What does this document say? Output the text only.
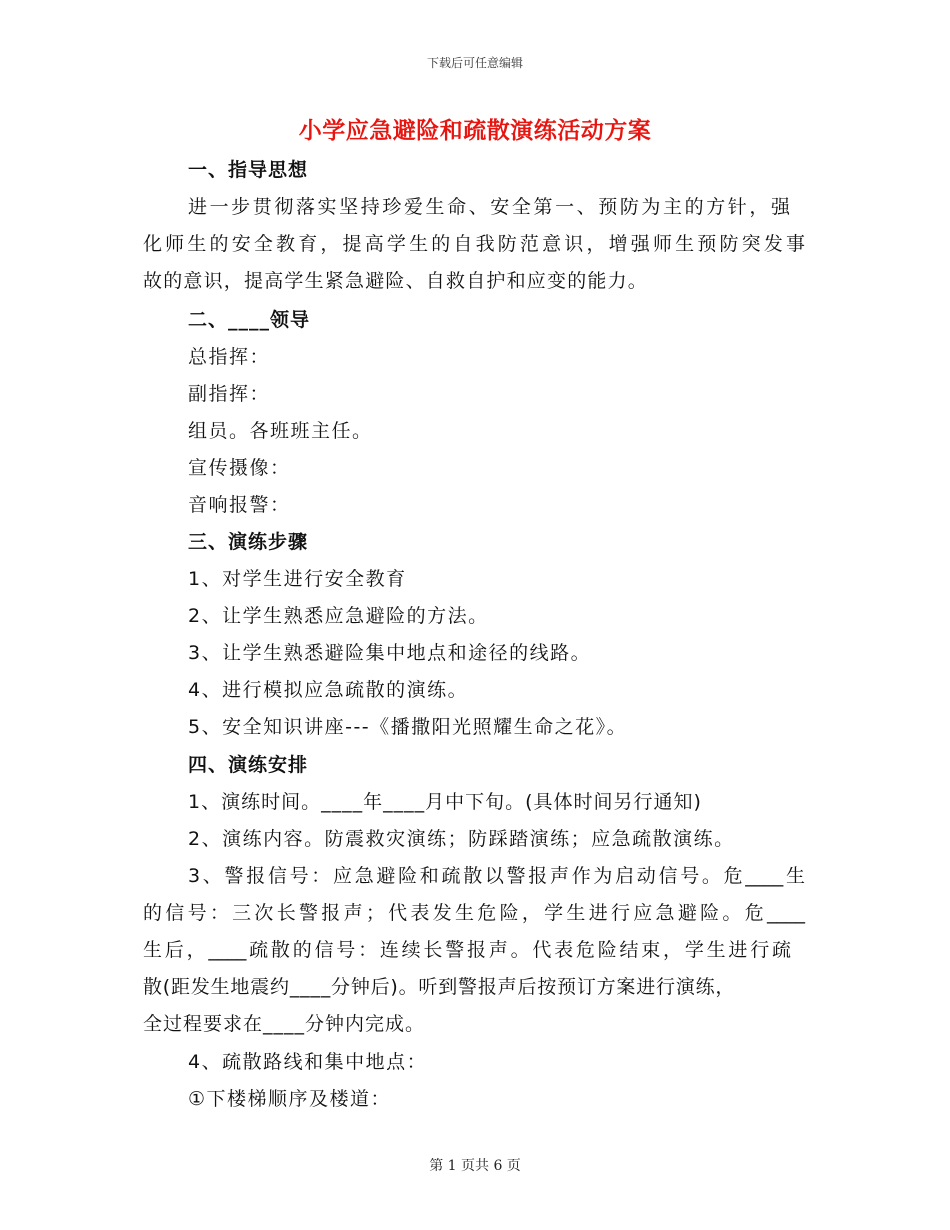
下载后可任意编辑
小学应急避险和疏散演练活动方案
一、指导思想
进一步贯彻落实坚持珍爱生命、安全第一、预防为主的方针，强
化师生的安全教育，提高学生的自我防范意识，增强师生预防突发事
故的意识，提高学生紧急避险、自救自护和应变的能力。
二、____领导
总指挥：
副指挥：
组员。各班班主任。
宣传摄像：
音响报警：
三、演练步骤
1、对学生进行安全教育
2、让学生熟悉应急避险的方法。
3、让学生熟悉避险集中地点和途径的线路。
4、进行模拟应急疏散的演练。
5、安全知识讲座---《播撒阳光照耀生命之花》。
四、演练安排
1、演练时间。____年____月中下旬。(具体时间另行通知)
2、演练内容。防震救灾演练；防踩踏演练；应急疏散演练。
3、警报信号：应急避险和疏散以警报声作为启动信号。危____生
的信号：三次长警报声；代表发生危险，学生进行应急避险。危____
生后，____疏散的信号：连续长警报声。代表危险结束，学生进行疏
散(距发生地震约____分钟后)。听到警报声后按预订方案进行演练，
全过程要求在____分钟内完成。
4、疏散路线和集中地点：
①下楼梯顺序及楼道：
第 1 页共 6 页
